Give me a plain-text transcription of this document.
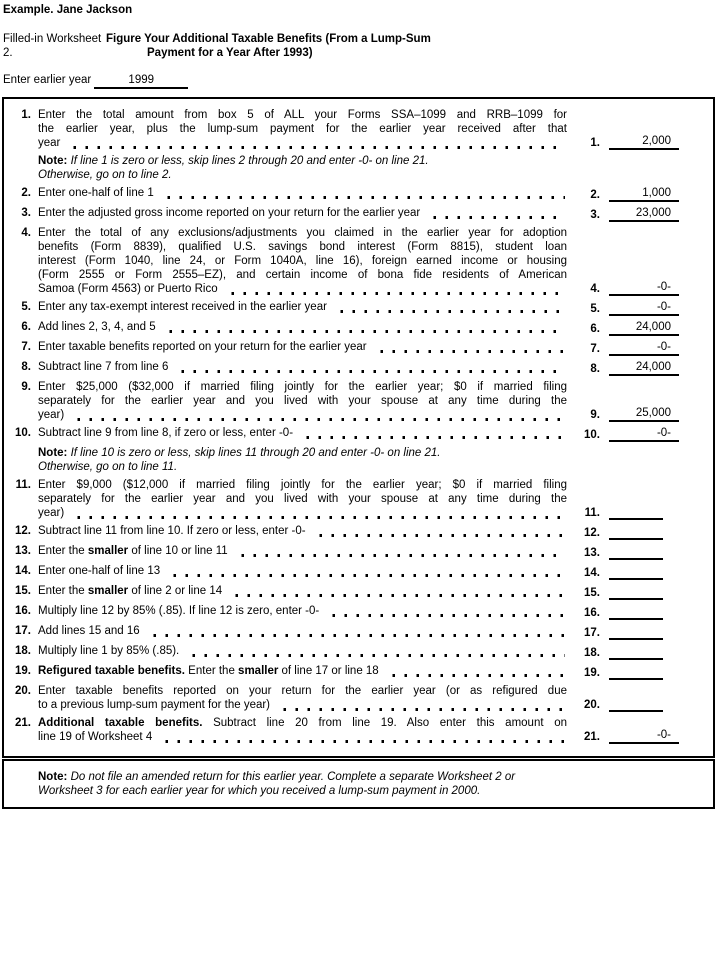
Example. Jane Jackson
Filled-in Worksheet 2.
Figure Your Additional Taxable Benefits (From a Lump-Sum
Payment for a Year After 1993)
Enter earlier year	1999
1. Enter the total amount from box 5 of ALL your Forms SSA–1099 and RRB–1099 for
the earlier year, plus the lump-sum payment for the earlier year received after that
year	1.	2,000
Note: If line 1 is zero or less, skip lines 2 through 20 and enter -0- on line 21.
Otherwise, go on to line 2.
2. Enter one-half of line 1	2.	1,000
3. Enter the adjusted gross income reported on your return for the earlier year	3.	23,000
4. Enter the total of any exclusions/adjustments you claimed in the earlier year for adoption
benefits (Form 8839), qualified U.S. savings bond interest (Form 8815), student loan
interest (Form 1040, line 24, or Form 1040A, line 16), foreign earned income or housing
(Form 2555 or Form 2555–EZ), and certain income of bona fide residents of American
Samoa (Form 4563) or Puerto Rico	4.	-0-
5. Enter any tax-exempt interest received in the earlier year	5.	-0-
6. Add lines 2, 3, 4, and 5	6.	24,000
7. Enter taxable benefits reported on your return for the earlier year	7.	-0-
8. Subtract line 7 from line 6	8.	24,000
9. Enter $25,000 ($32,000 if married filing jointly for the earlier year; $0 if married filing
separately for the earlier year and you lived with your spouse at any time during the
year)	9.	25,000
10. Subtract line 9 from line 8, if zero or less, enter -0-	10.	-0-
Note: If line 10 is zero or less, skip lines 11 through 20 and enter -0- on line 21.
Otherwise, go on to line 11.
11. Enter $9,000 ($12,000 if married filing jointly for the earlier year; $0 if married filing
separately for the earlier year and you lived with your spouse at any time during the
year)	11.
12. Subtract line 11 from line 10. If zero or less, enter -0-	12.
13. Enter the smaller of line 10 or line 11	13.
14. Enter one-half of line 13	14.
15. Enter the smaller of line 2 or line 14	15.
16. Multiply line 12 by 85% (.85). If line 12 is zero, enter -0-	16.
17. Add lines 15 and 16	17.
18. Multiply line 1 by 85% (.85).	18.
19. Refigured taxable benefits. Enter the smaller of line 17 or line 18	19.
20. Enter taxable benefits reported on your return for the earlier year (or as refigured due
to a previous lump-sum payment for the year)	20.
21. Additional taxable benefits. Subtract line 20 from line 19. Also enter this amount on
line 19 of Worksheet 4	21.	-0-
Note: Do not file an amended return for this earlier year. Complete a separate Worksheet 2 or
Worksheet 3 for each earlier year for which you received a lump-sum payment in 2000.
